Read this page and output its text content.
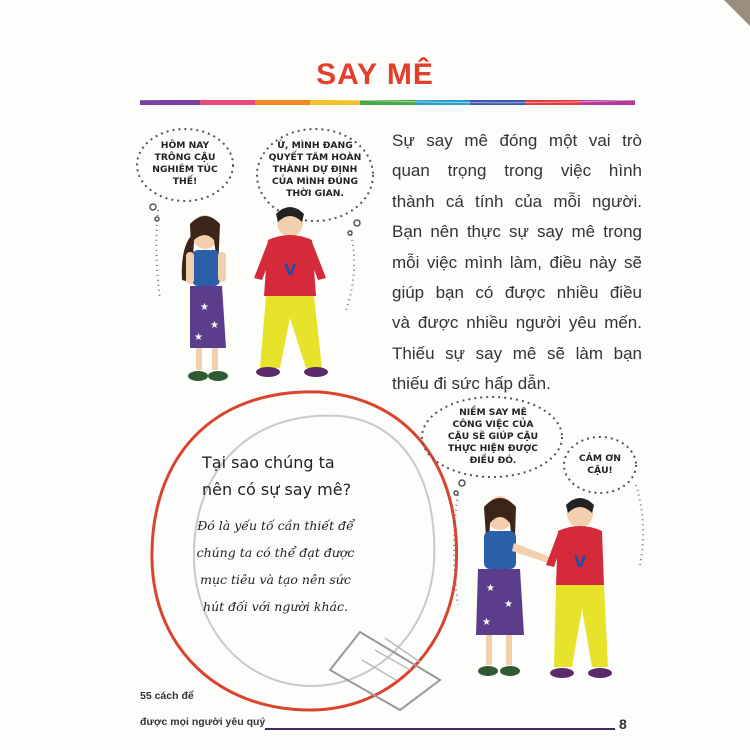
SAY MÊ
HÔM NAY
TRÔNG CẬU
NGHIÊM TÚC
THẾ!
Ừ, MÌNH ĐANG
QUYẾT TÂM HOÀN
THÀNH DỰ ĐỊNH
CỦA MÌNH ĐÚNG
THỜI GIAN.
★
★
★
V
Sự say mê đóng một vai trò
quan trọng trong việc hình
thành cá tính của mỗi người.
Bạn nên thực sự say mê trong
mỗi việc mình làm, điều này sẽ
giúp bạn có được nhiều điều
và được nhiều người yêu mến.
Thiếu sự say mê sẽ làm bạn
thiếu đi sức hấp dẫn.
Tại sao chúng ta
nên có sự say mê?
Đó là yếu tố cần thiết để
chúng ta có thể đạt được
mục tiêu và tạo nên sức
hút đối với người khác.
NIỀM SAY MÊ
CÔNG VIỆC CỦA
CẬU SẼ GIÚP CẬU
THỰC HIỆN ĐƯỢC
ĐIỀU ĐÓ.	CẢM ƠN
CẬU!
★
★
★
V
55 cách để
được mọi người yêu quý	8
